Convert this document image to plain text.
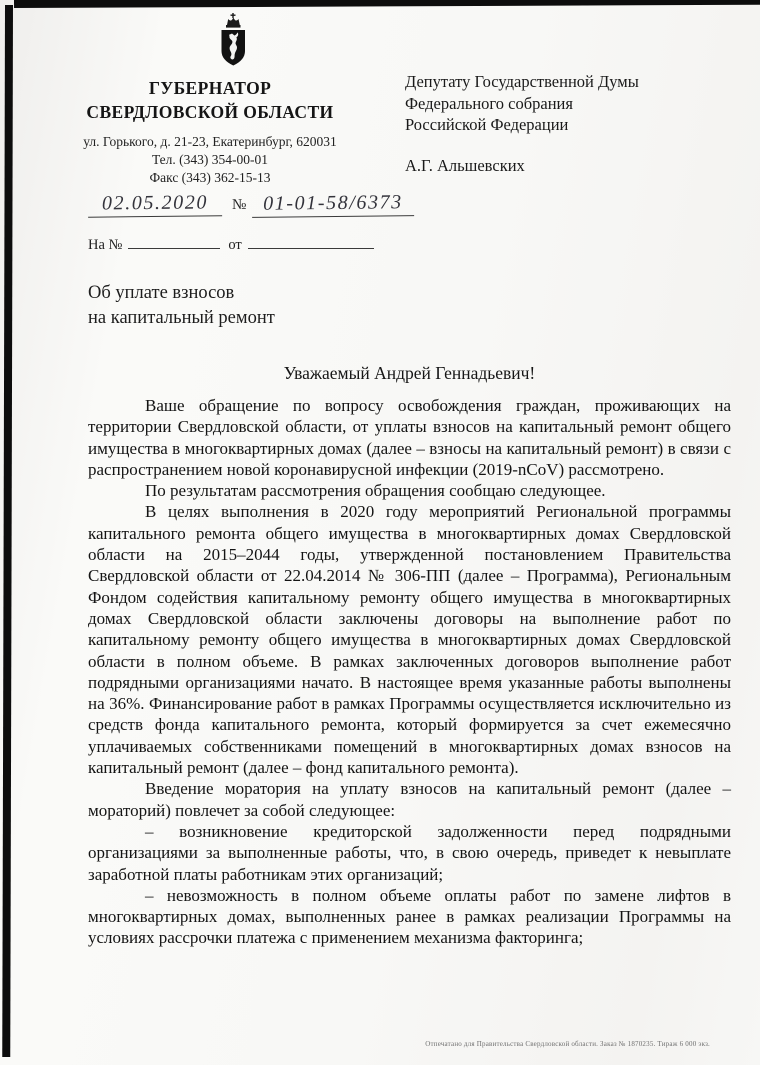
ГУБЕРНАТОР
СВЕРДЛОВСКОЙ ОБЛАСТИ
ул. Горького, д. 21-23, Екатеринбург, 620031
Тел. (343) 354-00-01
Факс (343) 362-15-13
Депутату Государственной Думы
Федерального собрания
Российской Федерации
А.Г. Альшевских
02.05.2020 № 01-01-58/6373
На №	от
Об уплате взносов
на капитальный ремонт
Уважаемый Андрей Геннадьевич!

Ваше обращение по вопросу освобождения граждан, проживающих на территории Свердловской области, от уплаты взносов на капитальный ремонт общего имущества в многоквартирных домах (далее – взносы на капитальный ремонт) в связи с распространением новой коронавирусной инфекции (2019-nCoV) рассмотрено.

По результатам рассмотрения обращения сообщаю следующее.

В целях выполнения в 2020 году мероприятий Региональной программы капитального ремонта общего имущества в многоквартирных домах Свердловской области на 2015–2044 годы, утвержденной постановлением Правительства Свердловской области от 22.04.2014 № 306-ПП (далее – Программа), Региональным Фондом содействия капитальному ремонту общего имущества в многоквартирных домах Свердловской области заключены договоры на выполнение работ по капитальному ремонту общего имущества в многоквартирных домах Свердловской области в полном объеме. В рамках заключенных договоров выполнение работ подрядными организациями начато. В настоящее время указанные работы выполнены на 36%. Финансирование работ в рамках Программы осуществляется исключительно из средств фонда капитального ремонта, который формируется за счет ежемесячно уплачиваемых собственниками помещений в многоквартирных домах взносов на капитальный ремонт (далее – фонд капитального ремонта).

Введение моратория на уплату взносов на капитальный ремонт (далее – мораторий) повлечет за собой следующее:

– возникновение кредиторской задолженности перед подрядными организациями за выполненные работы, что, в свою очередь, приведет к невыплате заработной платы работникам этих организаций;

– невозможность в полном объеме оплаты работ по замене лифтов в многоквартирных домах, выполненных ранее в рамках реализации Программы на условиях рассрочки платежа с применением механизма факторинга;

Отпечатано для Правительства Свердловской области. Заказ № 1870235. Тираж 6 000 экз.
